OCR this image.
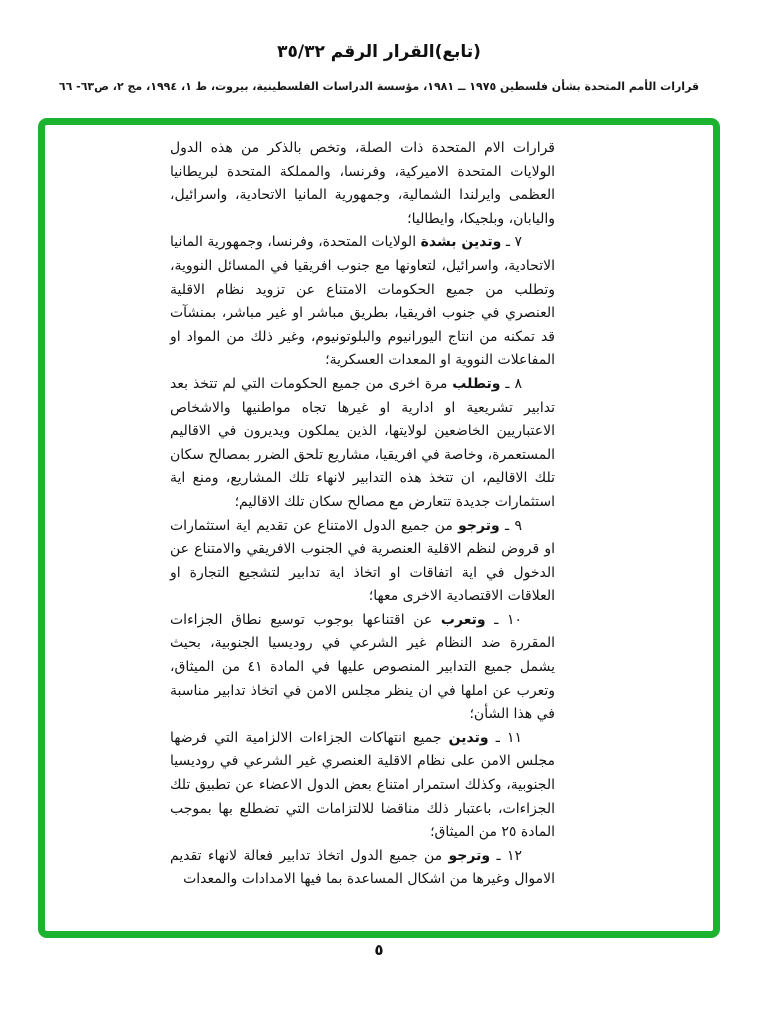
(تابع)القرار الرقم ٣٥/٣٢
قرارات الأمم المتحدة بشأن فلسطين ١٩٧٥ ــ ١٩٨١، مؤسسة الدراسات الفلسطينية، بيروت، ط ١، ١٩٩٤، مج ٢، ص٦٣- ٦٦

قرارات الام المتحدة ذات الصلة، وتخص بالذكر من هذه الدول الولايات المتحدة الاميركية، وفرنسا، والمملكة المتحدة لبريطانيا العظمى وايرلندا الشمالية، وجمهورية المانيا الاتحادية، واسرائيل، واليابان، وبلجيكا، وايطاليا؛

٧ ـ وتدين بشدة الولايات المتحدة، وفرنسا، وجمهورية المانيا الاتحادية، واسرائيل، لتعاونها مع جنوب افريقيا في المسائل النووية، وتطلب من جميع الحكومات الامتناع عن تزويد نظام الاقلية العنصري في جنوب افريقيا، بطريق مباشر او غير مباشر، بمنشآت قد تمكنه من انتاج اليورانيوم والبلوتونيوم، وغير ذلك من المواد او المفاعلات النووية او المعدات العسكرية؛

٨ ـ وتطلب مرة اخرى من جميع الحكومات التي لم تتخذ بعد تدابير تشريعية او ادارية او غيرها تجاه مواطنيها والاشخاص الاعتباريين الخاضعين لولايتها، الذين يملكون ويديرون في الاقاليم المستعمرة، وخاصة في افريقيا، مشاريع تلحق الضرر بمصالح سكان تلك الاقاليم، ان تتخذ هذه التدابير لانهاء تلك المشاريع، ومنع اية استثمارات جديدة تتعارض مع مصالح سكان تلك الاقاليم؛

٩ ـ وترجو من جميع الدول الامتناع عن تقديم اية استثمارات او قروض لنظم الاقلية العنصرية في الجنوب الافريقي والامتناع عن الدخول في اية اتفاقات او اتخاذ اية تدابير لتشجيع التجارة او العلاقات الاقتصادية الاخرى معها؛

١٠ ـ وتعرب عن اقتناعها بوجوب توسيع نطاق الجزاءات المقررة ضد النظام غير الشرعي في روديسيا الجنوبية، بحيث يشمل جميع التدابير المنصوص عليها في المادة ٤١ من الميثاق، وتعرب عن املها في ان ينظر مجلس الامن في اتخاذ تدابير مناسبة في هذا الشأن؛

١١ ـ وتدين جميع انتهاكات الجزاءات الالزامية التي فرضها مجلس الامن على نظام الاقلية العنصري غير الشرعي في روديسيا الجنوبية، وكذلك استمرار امتناع بعض الدول الاعضاء عن تطبيق تلك الجزاءات، باعتبار ذلك مناقضا للالتزامات التي تضطلع بها بموجب المادة ٢٥ من الميثاق؛

١٢ ـ وترجو من جميع الدول اتخاذ تدابير فعالة لانهاء تقديم الاموال وغيرها من اشكال المساعدة بما فيها الامدادات والمعدات

٥
